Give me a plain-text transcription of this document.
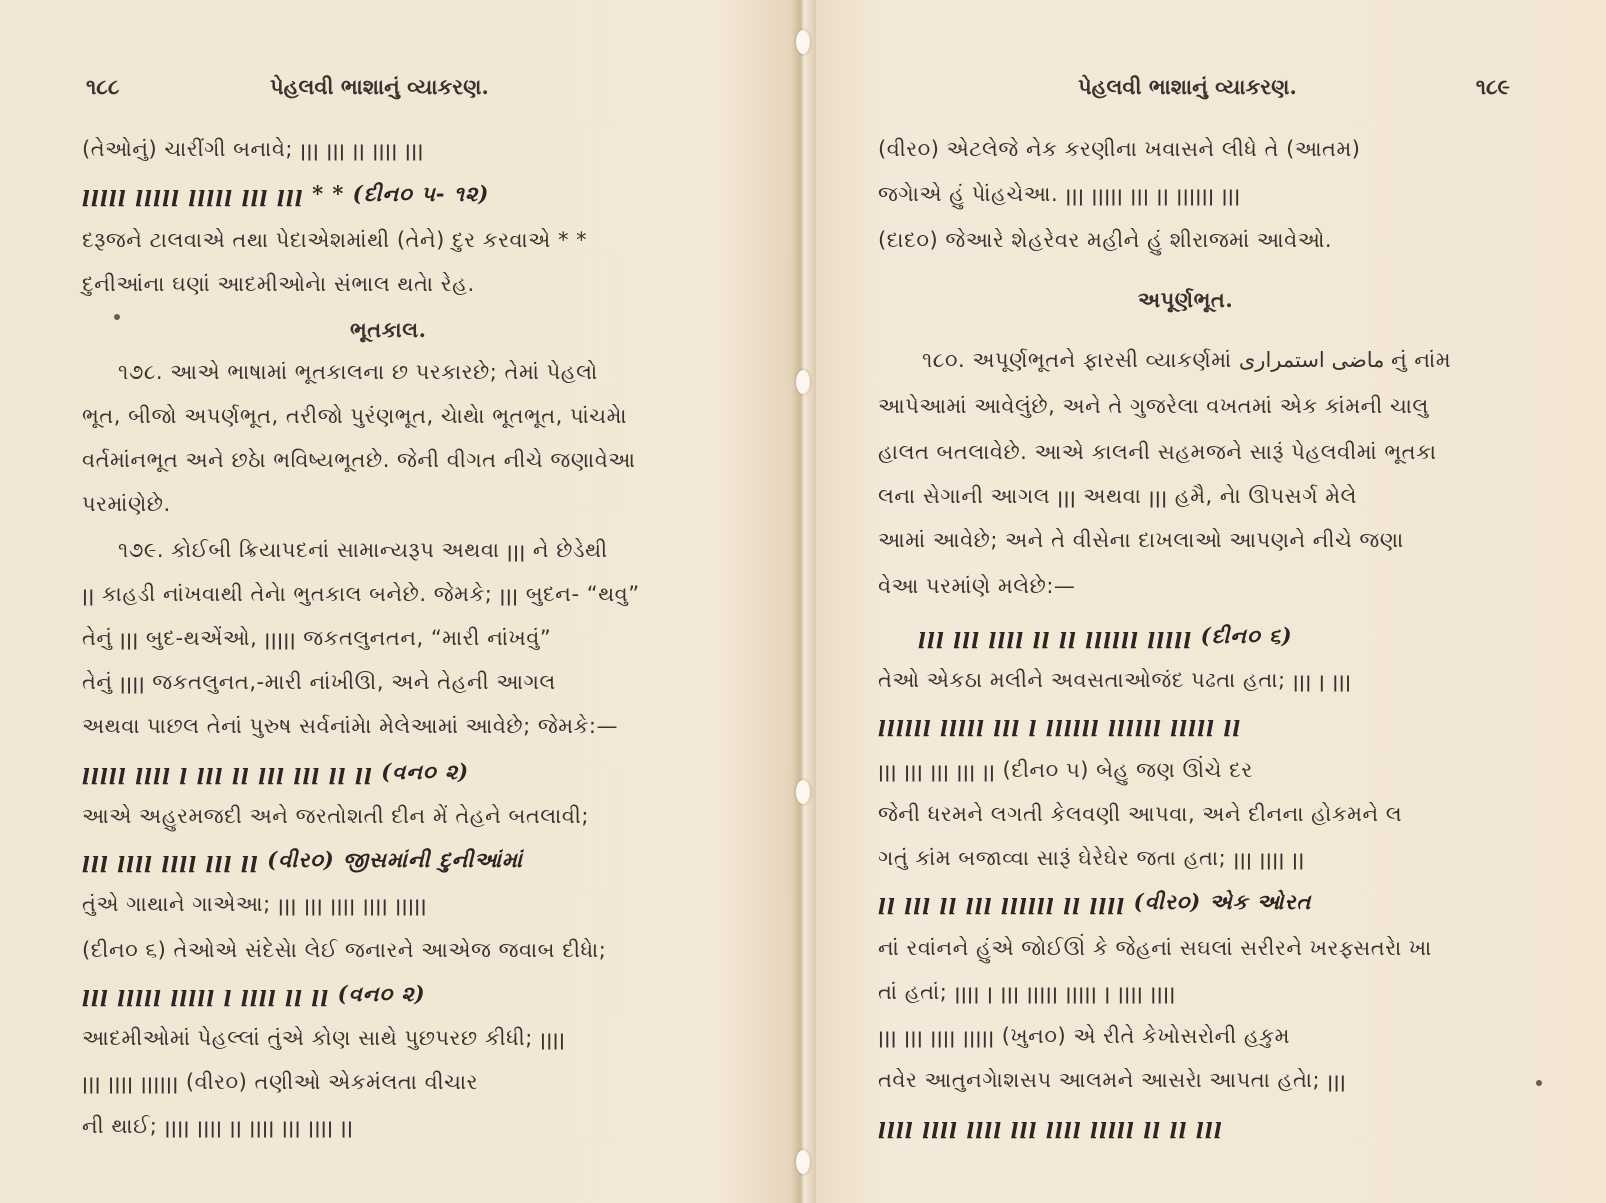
૧૮૮	પેહલવી ભાશાનું વ્યાકરણ.
(તેઓનું) ચારીંગી બનાવે; ꞁꞁꞁ ꞁꞁꞁ ꞁꞁ ꞁꞁꞁꞁ ꞁꞁꞁ
ꞁꞁꞁꞁꞁ ꞁꞁꞁꞁꞁ ꞁꞁꞁꞁꞁ ꞁꞁꞁ ꞁꞁꞁ * * (દીન૦ ૫- ૧૨)
દરૂજને ટાલવાએ તથા પેદાએશમાંથી (તેને) દુર કરવાએ * *
દુનીઆંના ઘણાં આદમીઓનેા સંભાલ થતેા રેહ.
ભૂતકાલ.
૧૭૮. આએ ભાષામાં ભૂતકાલના છ પરકારછે; તેમાં પેહલો
ભૂત, બીજો અપર્ણભૂત, તરીજો પુરંણભૂત, ચેાથેા ભૂતભૂત, પાંચમેા
વર્તમાંનભૂત અને છઠેા ભવિષ્યભૂતછે. જેની વીગત નીચે જણાવેઆ
પરમાંણેછે.
૧૭૯. કોઈબી ક્રિયાપદનાં સામાન્યરૂપ અથવા ꞁꞁꞁ ને છેડેથી
ꞁꞁ કાહડી નાંખવાથી તેનેા ભુતકાલ બનેછે. જેમકે; ꞁꞁꞁ બુદન- “થવુ”
તેનું ꞁꞁꞁ બુદ-થએંઓ, ꞁꞁꞁꞁꞁ જકતલુનતન, “મારી નાંખવું”
તેનું ꞁꞁꞁꞁ જકતલુનત,-મારી નાંખીઊ, અને તેહની આગલ
અથવા પાછલ તેનાં પુરુષ સર્વનાંમેા મેલેઆમાં આવેછે; જેમકે:—
ꞁꞁꞁꞁꞁ ꞁꞁꞁꞁ ꞁ ꞁꞁꞁ ꞁꞁ ꞁꞁꞁ ꞁꞁꞁ ꞁꞁ ꞁꞁ (વન૦ ૨)
આએ અહુરમજદી અને જરતોશતી દીન મેં તેહને બતલાવી;
ꞁꞁꞁ ꞁꞁꞁꞁ ꞁꞁꞁꞁ ꞁꞁꞁ ꞁꞁ (વીર૦) જીસમાંની દુનીઆંમાં
તુંએ ગાથાને ગાએઆ; ꞁꞁꞁ ꞁꞁꞁ ꞁꞁꞁꞁ ꞁꞁꞁꞁ ꞁꞁꞁꞁꞁ
(દીન૦ ૬) તેઓએ સંદેસેા લેઈ જનારને આએજ જવાબ દીધેા;
ꞁꞁꞁ ꞁꞁꞁꞁꞁ ꞁꞁꞁꞁꞁ ꞁ ꞁꞁꞁꞁ ꞁꞁ ꞁꞁ (વન૦ ૨)
આદમીઓમાં પેહલ્લાં તુંએ કોણ સાથે પુછપરછ કીધી; ꞁꞁꞁꞁ
ꞁꞁꞁ ꞁꞁꞁꞁ ꞁꞁꞁꞁꞁꞁ (વીર૦) તણીઓ એકમંલતા વીચાર
ની થાઈ; ꞁꞁꞁꞁ ꞁꞁꞁꞁ ꞁꞁ ꞁꞁꞁꞁ ꞁꞁꞁ ꞁꞁꞁꞁ ꞁꞁ
પેહલવી ભાશાનું વ્યાકરણ.	૧૮૯
(વીર૦) એટલેજે નેક કરણીના ખવાસને લીધે તે (આતમ)
જગેાએ હું પેાંહચેઆ. ꞁꞁꞁ ꞁꞁꞁꞁꞁ ꞁꞁꞁ ꞁꞁ ꞁꞁꞁꞁꞁꞁ ꞁꞁꞁ
(દાદ૦) જેઆરે શેહરેવર મહીને હું શીરાજમાં આવેઓ.
અપૂર્ણભૂત.
૧૮૦. અપૂર્ણભૂતને ફારસી વ્યાકર્ણમાં ماضی استمراری નું નાંમ
આપેઆમાં આવેલુંછે, અને તે ગુજરેલા વખતમાં એક કાંમની ચાલુ
હાલત બતલાવેછે. આએ કાલની સહમજને સારૂં પેહલવીમાં ભૂતકા
લના સેગાની આગલ ꞁꞁꞁ અથવા ꞁꞁꞁ હમૈ, નેા ઊપસર્ગ મેલે
આમાં આવેછે; અને તે વીસેના દાખલાઓ આપણને નીચે જણા
વેઆ પરમાંણે મલેછે:—
ꞁꞁꞁ ꞁꞁꞁ ꞁꞁꞁꞁ ꞁꞁ ꞁꞁ ꞁꞁꞁꞁꞁꞁ ꞁꞁꞁꞁꞁ (દીન૦ ૬)
તેઓ એકઠા મલીને અવસતાઓજંદ પઢતા હતા; ꞁꞁꞁ ꞁ ꞁꞁꞁ
ꞁꞁꞁꞁꞁꞁ ꞁꞁꞁꞁꞁ ꞁꞁꞁ ꞁ ꞁꞁꞁꞁꞁꞁ ꞁꞁꞁꞁꞁꞁ ꞁꞁꞁꞁꞁ ꞁꞁ
ꞁꞁꞁ ꞁꞁꞁ ꞁꞁꞁ ꞁꞁꞁ ꞁꞁ (દીન૦ ૫) બેહુ જણ ઊંચે દર
જેની ધરમને લગતી કેલવણી આપવા, અને દીનના હોકમને લ
ગતું કાંમ બજાવ્વા સારૂં ઘેરેઘેર જતા હતા; ꞁꞁꞁ ꞁꞁꞁꞁ ꞁꞁ
ꞁꞁ ꞁꞁꞁ ꞁꞁ ꞁꞁꞁ ꞁꞁꞁꞁꞁꞁ ꞁꞁ ꞁꞁꞁꞁ (વીર૦) એક ઓરત
નાં રવાંનને હુંએ જોઈઊં કે જેહનાં સઘલાં સરીરને ખરફ્સતરેા ખા
તાં હતાં; ꞁꞁꞁꞁ ꞁ ꞁꞁꞁ ꞁꞁꞁꞁꞁ ꞁꞁꞁꞁꞁ ꞁ ꞁꞁꞁꞁ ꞁꞁꞁꞁ
ꞁꞁꞁ ꞁꞁꞁ ꞁꞁꞁꞁ ꞁꞁꞁꞁꞁ (ખુન૦) એ રીતે કેખોસરોની હકુમ
તવેર આતુનગેાશસપ આલમને આસરેા આપતા હતેા; ꞁꞁꞁ
ꞁꞁꞁꞁ ꞁꞁꞁꞁ ꞁꞁꞁꞁ ꞁꞁꞁ ꞁꞁꞁꞁ ꞁꞁꞁꞁꞁ ꞁꞁ ꞁꞁ ꞁꞁꞁ
